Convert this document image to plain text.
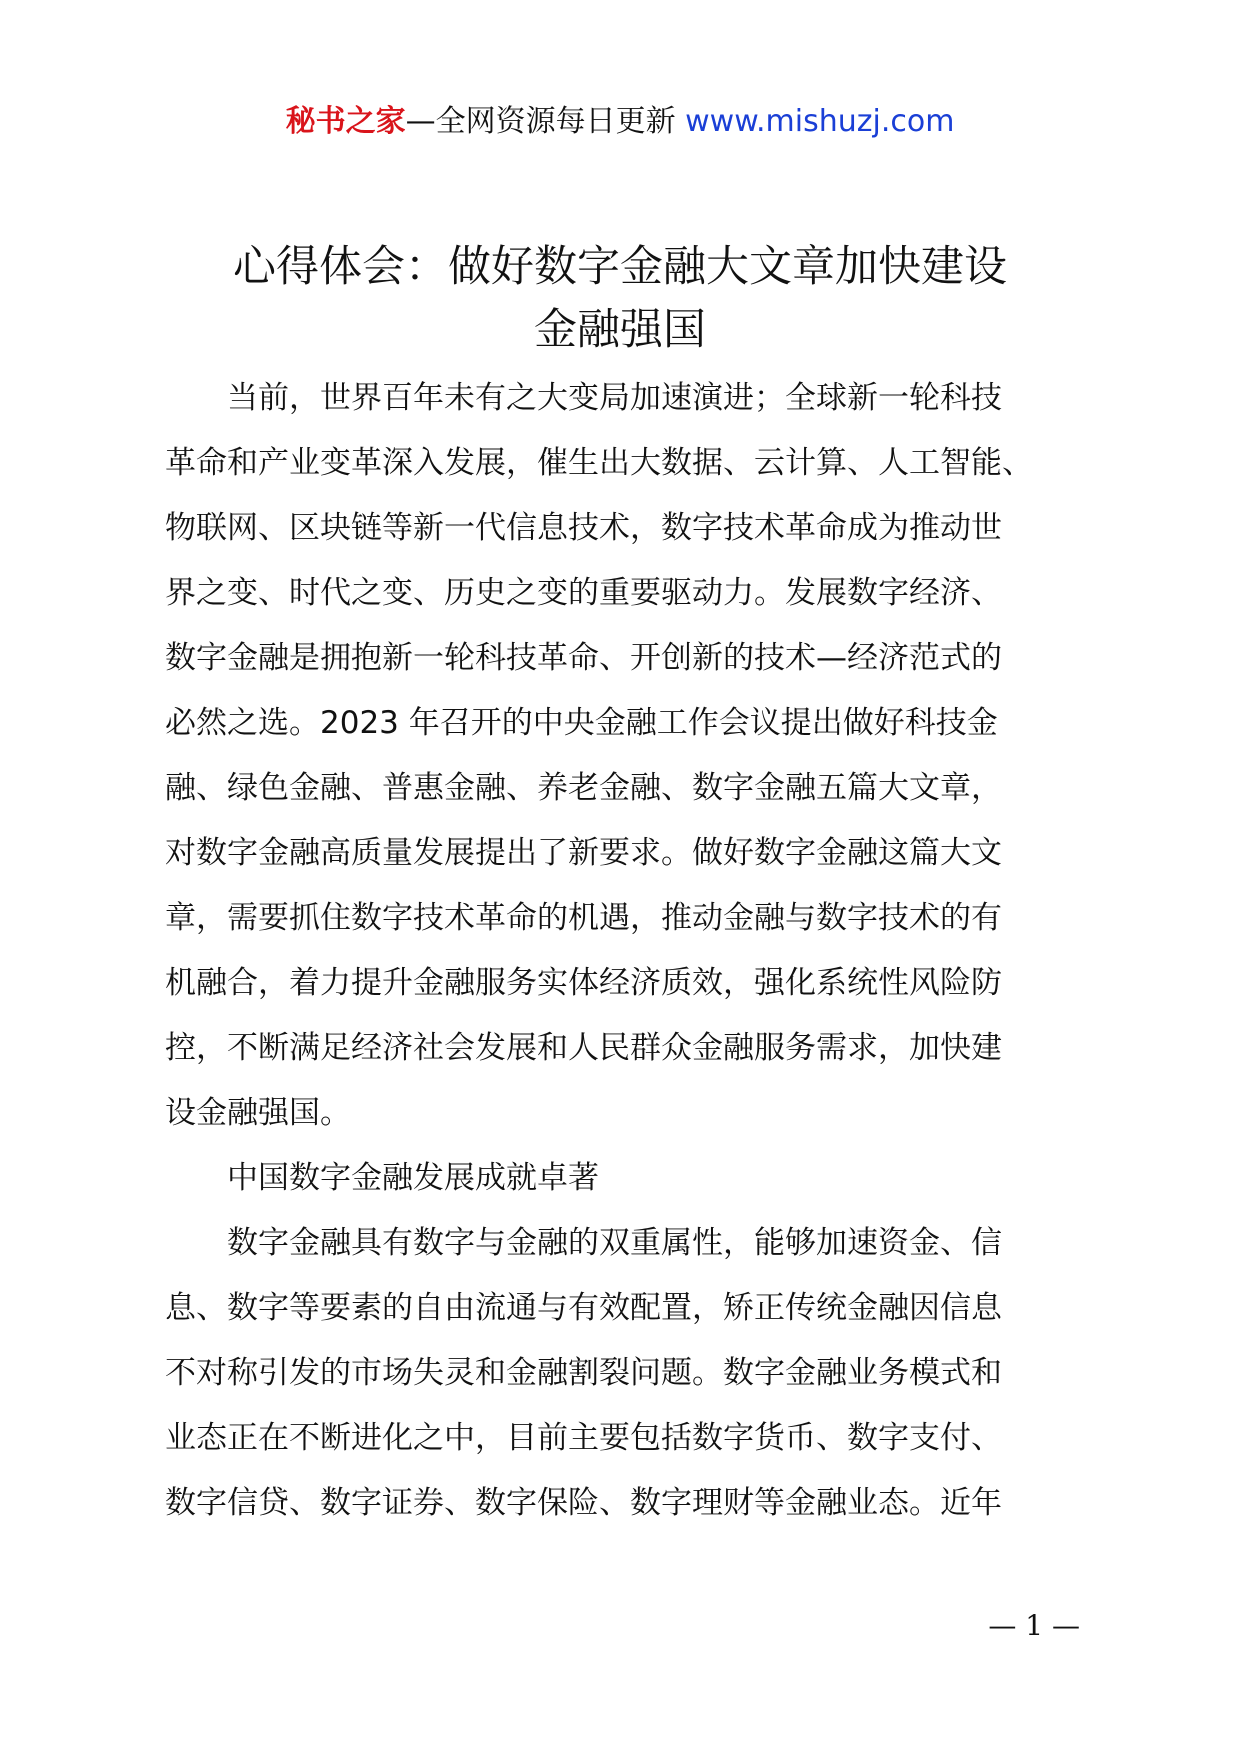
秘书之家—全网资源每日更新 www.mishuzj.com
心得体会：做好数字金融大文章加快建设
金融强国
　　当前，世界百年未有之大变局加速演进；全球新一轮科技
革命和产业变革深入发展，催生出大数据、云计算、人工智能、
物联网、区块链等新一代信息技术，数字技术革命成为推动世
界之变、时代之变、历史之变的重要驱动力。发展数字经济、
数字金融是拥抱新一轮科技革命、开创新的技术—经济范式的
必然之选。2023 年召开的中央金融工作会议提出做好科技金
融、绿色金融、普惠金融、养老金融、数字金融五篇大文章，
对数字金融高质量发展提出了新要求。做好数字金融这篇大文
章，需要抓住数字技术革命的机遇，推动金融与数字技术的有
机融合，着力提升金融服务实体经济质效，强化系统性风险防
控，不断满足经济社会发展和人民群众金融服务需求，加快建
设金融强国。
　　中国数字金融发展成就卓著
　　数字金融具有数字与金融的双重属性，能够加速资金、信
息、数字等要素的自由流通与有效配置，矫正传统金融因信息
不对称引发的市场失灵和金融割裂问题。数字金融业务模式和
业态正在不断进化之中，目前主要包括数字货币、数字支付、
数字信贷、数字证券、数字保险、数字理财等金融业态。近年
— 1 —
